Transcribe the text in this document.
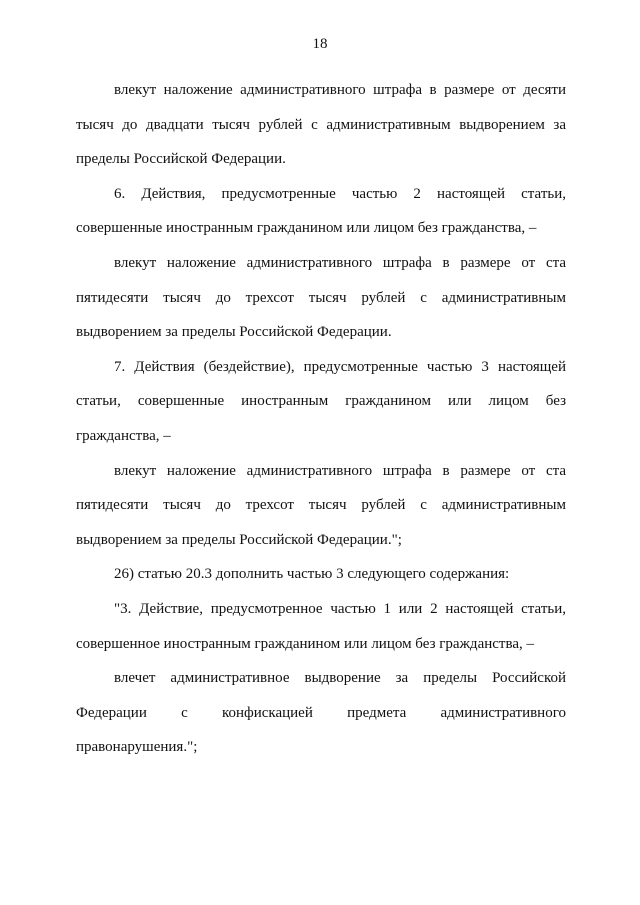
18

влекут наложение административного штрафа в размере от десяти тысяч до двадцати тысяч рублей с административным выдворением за пределы Российской Федерации.

6. Действия, предусмотренные частью 2 настоящей статьи, совершенные иностранным гражданином или лицом без гражданства, –

влекут наложение административного штрафа в размере от ста пятидесяти тысяч до трехсот тысяч рублей с административным выдворением за пределы Российской Федерации.

7. Действия (бездействие), предусмотренные частью 3 настоящей статьи, совершенные иностранным гражданином или лицом без гражданства, –

влекут наложение административного штрафа в размере от ста пятидесяти тысяч до трехсот тысяч рублей с административным выдворением за пределы Российской Федерации.";

26) статью 20.3 дополнить частью 3 следующего содержания:

"3. Действие, предусмотренное частью 1 или 2 настоящей статьи, совершенное иностранным гражданином или лицом без гражданства, –

влечет административное выдворение за пределы Российской Федерации с конфискацией предмета административного правонарушения.";
